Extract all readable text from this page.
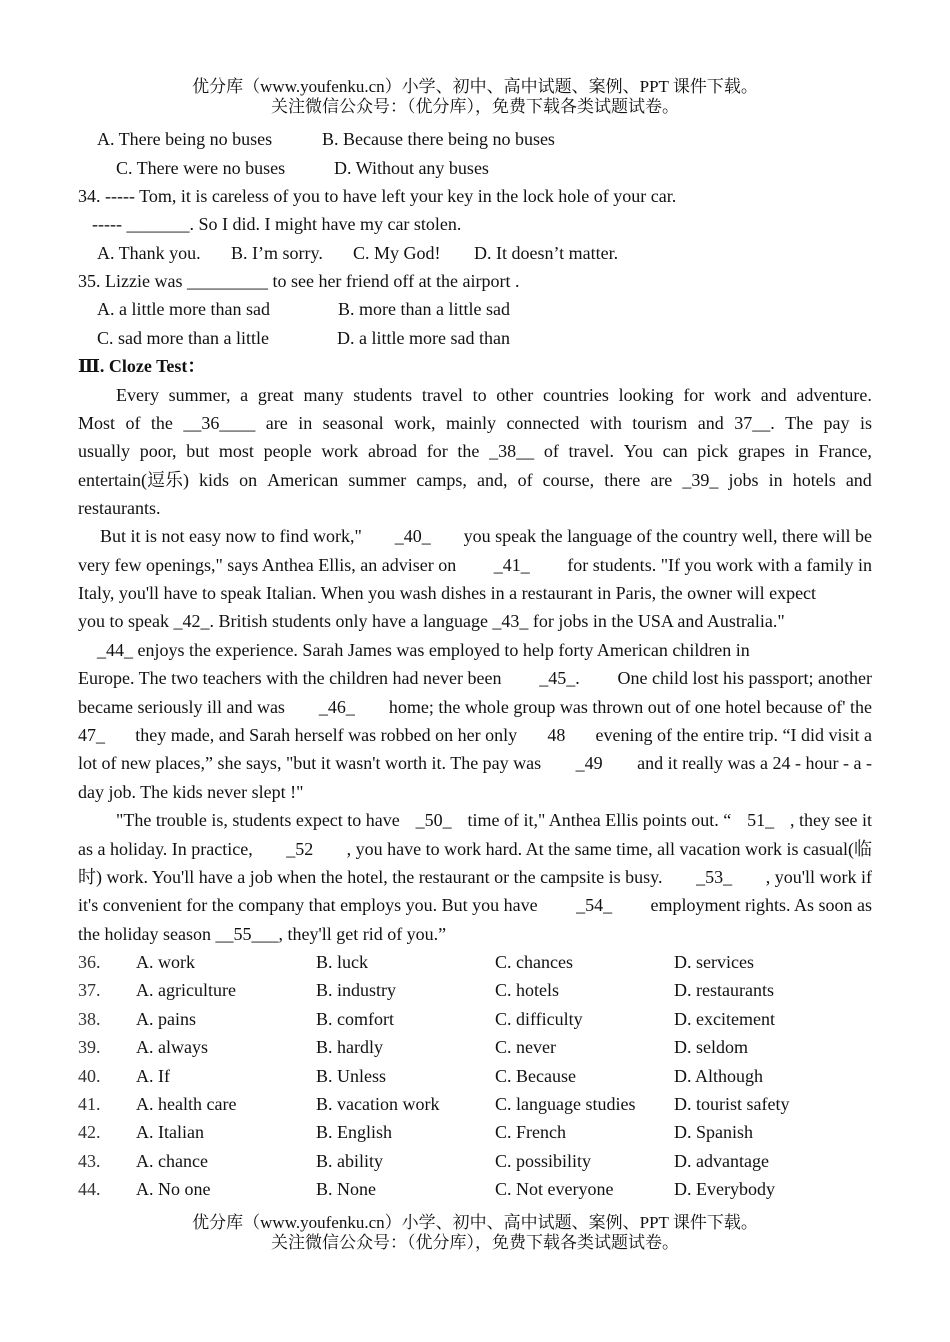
优分库（www.youfenku.cn）小学、初中、高中试题、案例、PPT 课件下载。
关注微信公众号：（优分库），免费下载各类试题试卷。
A. There being no buses	B. Because there being no buses
C. There were no buses	D. Without any buses
34. ----- Tom, it is careless of you to have left your key in the lock hole of your car.
----- _______. So I did. I might have my car stolen.
A. Thank you. B. I’m sorry. C. My God! D. It doesn’t matter.
35. Lizzie was _________ to see her friend off at the airport .
A. a little more than sad	B. more than a little sad
C. sad more than a little	D. a little more sad than
Ⅲ. Cloze Test：
Every summer, a great many students travel to other countries looking for work and adventure.
Most of the __36____ are in seasonal work, mainly connected with tourism and 37__. The pay is
usually poor, but most people work abroad for the _38__ of travel. You can pick grapes in France,
entertain(逗乐) kids on American summer camps, and, of course, there are _39_ jobs in hotels and
restaurants.
But it is not easy now to find work," _40_ you speak the language of the country well, there will be
very few openings," says Anthea Ellis, an adviser on _41_ for students. "If you work with a family in
Italy, you'll have to speak Italian. When you wash dishes in a restaurant in Paris, the owner will expect
you to speak _42_. British students only have a language _43_ for jobs in the USA and Australia."
_44_ enjoys the experience. Sarah James was employed to help forty American children in
Europe. The two teachers with the children had never been _45_. One child lost his passport; another
became seriously ill and was _46_ home; the whole group was thrown out of one hotel because of' the
47_ they made, and Sarah herself was robbed on her only 48 evening of the entire trip. “I did visit a
lot of new places,” she says, "but it wasn't worth it. The pay was _49 and it really was a 24 - hour - a -
day job. The kids never slept !"
"The trouble is, students expect to have _50_ time of it," Anthea Ellis points out. “ 51_ , they see it
as a holiday. In practice, _52 , you have to work hard. At the same time, all vacation work is casual(临
时) work. You'll have a job when the hotel, the restaurant or the campsite is busy. _53_ , you'll work if
it's convenient for the company that employs you. But you have _54_ employment rights. As soon as
the holiday season __55___, they'll get rid of you.”
36. A. work	B. luck	C. chances	D. services
37. A. agriculture	B. industry	C. hotels	D. restaurants
38. A. pains	B. comfort	C. difficulty	D. excitement
39. A. always	B. hardly	C. never	D. seldom
40. A. If	B. Unless	C. Because	D. Although
41. A. health care	B. vacation work	C. language studies D. tourist safety
42. A. Italian	B. English	C. French	D. Spanish
43. A. chance	B. ability	C. possibility	D. advantage
44. A. No one	B. None	C. Not everyone	D. Everybody
优分库（www.youfenku.cn）小学、初中、高中试题、案例、PPT 课件下载。
关注微信公众号：（优分库），免费下载各类试题试卷。
